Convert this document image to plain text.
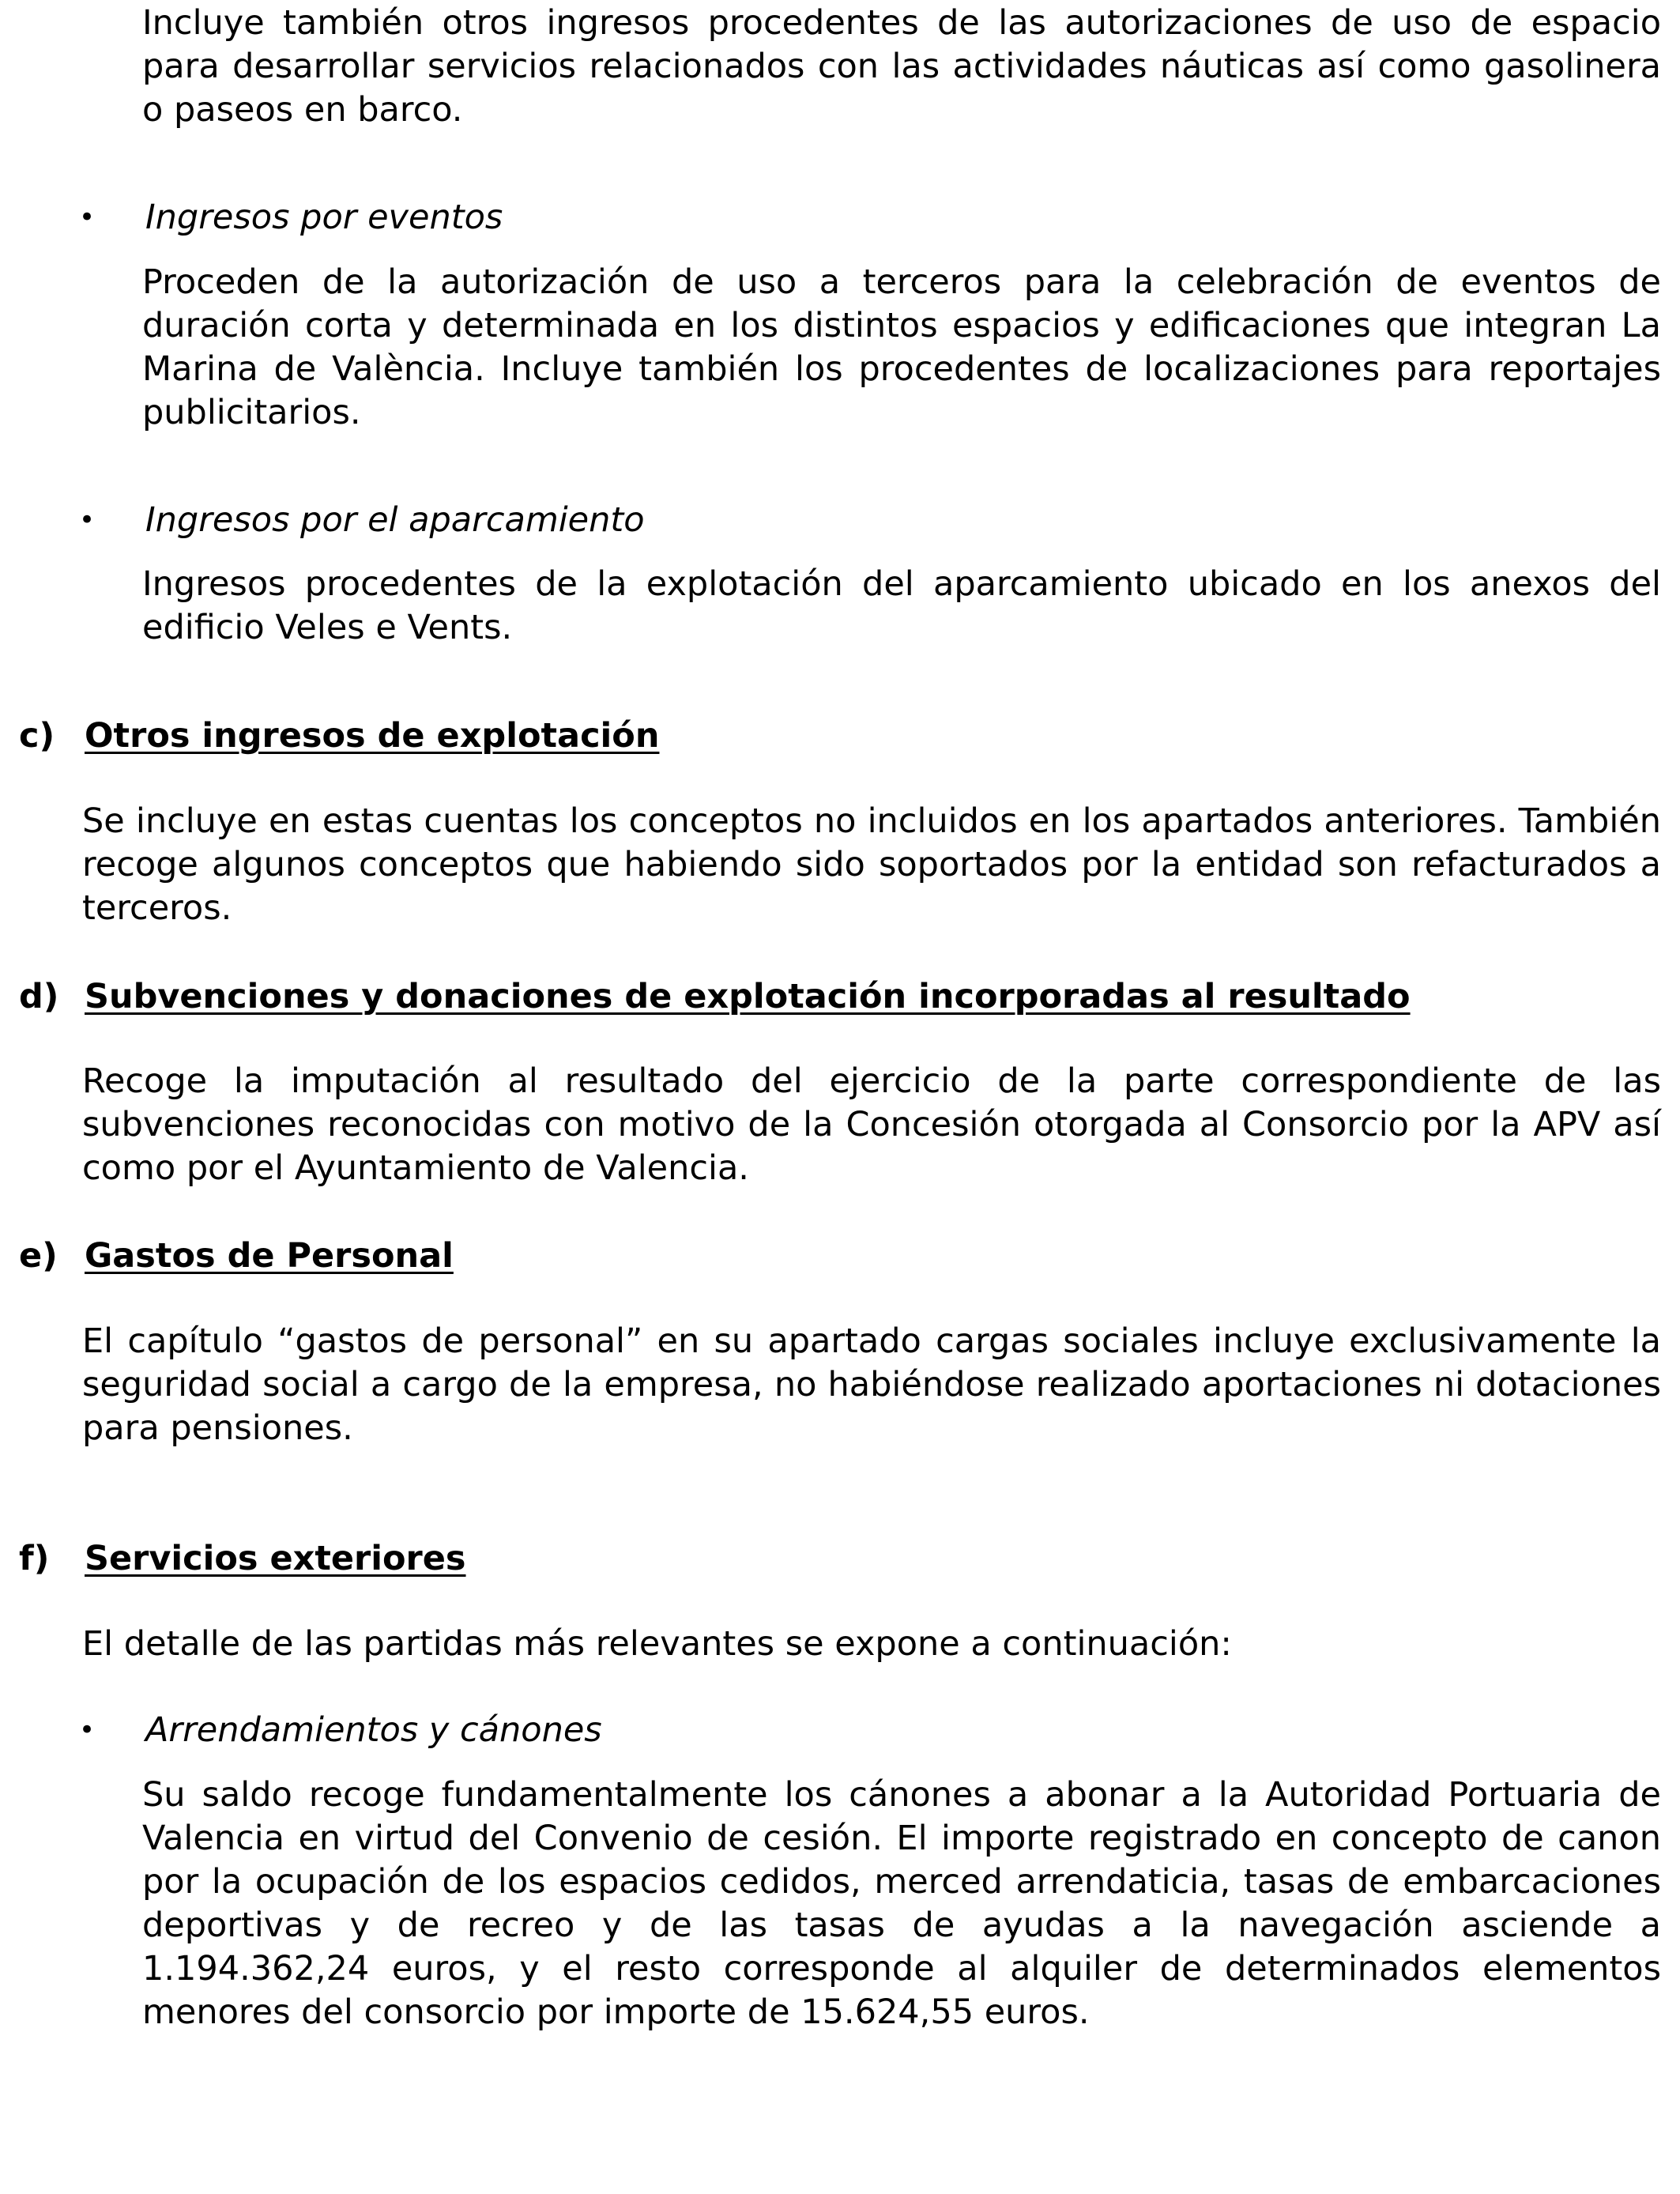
Incluye también otros ingresos procedentes de las autorizaciones de uso de espacio para desarrollar servicios relacionados con las actividades náuticas así como gasolinera o paseos en barco.

• Ingresos por eventos

Proceden de la autorización de uso a terceros para la celebración de eventos de duración corta y determinada en los distintos espacios y edificaciones que integran La Marina de València. Incluye también los procedentes de localizaciones para reportajes publicitarios.

• Ingresos por el aparcamiento

Ingresos procedentes de la explotación del aparcamiento ubicado en los anexos del edificio Veles e Vents.

c) Otros ingresos de explotación

Se incluye en estas cuentas los conceptos no incluidos en los apartados anteriores. También recoge algunos conceptos que habiendo sido soportados por la entidad son refacturados a terceros.

d) Subvenciones y donaciones de explotación incorporadas al resultado

Recoge la imputación al resultado del ejercicio de la parte correspondiente de las subvenciones reconocidas con motivo de la Concesión otorgada al Consorcio por la APV así como por el Ayuntamiento de Valencia.

e) Gastos de Personal

El capítulo “gastos de personal” en su apartado cargas sociales incluye exclusivamente la seguridad social a cargo de la empresa, no habiéndose realizado aportaciones ni dotaciones para pensiones.

f) Servicios exteriores

El detalle de las partidas más relevantes se expone a continuación:

• Arrendamientos y cánones

Su saldo recoge fundamentalmente los cánones a abonar a la Autoridad Portuaria de Valencia en virtud del Convenio de cesión. El importe registrado en concepto de canon por la ocupación de los espacios cedidos, merced arrendaticia, tasas de embarcaciones deportivas y de recreo y de las tasas de ayudas a la navegación asciende a 1.194.362,24 euros, y el resto corresponde al alquiler de determinados elementos menores del consorcio por importe de 15.624,55 euros.
